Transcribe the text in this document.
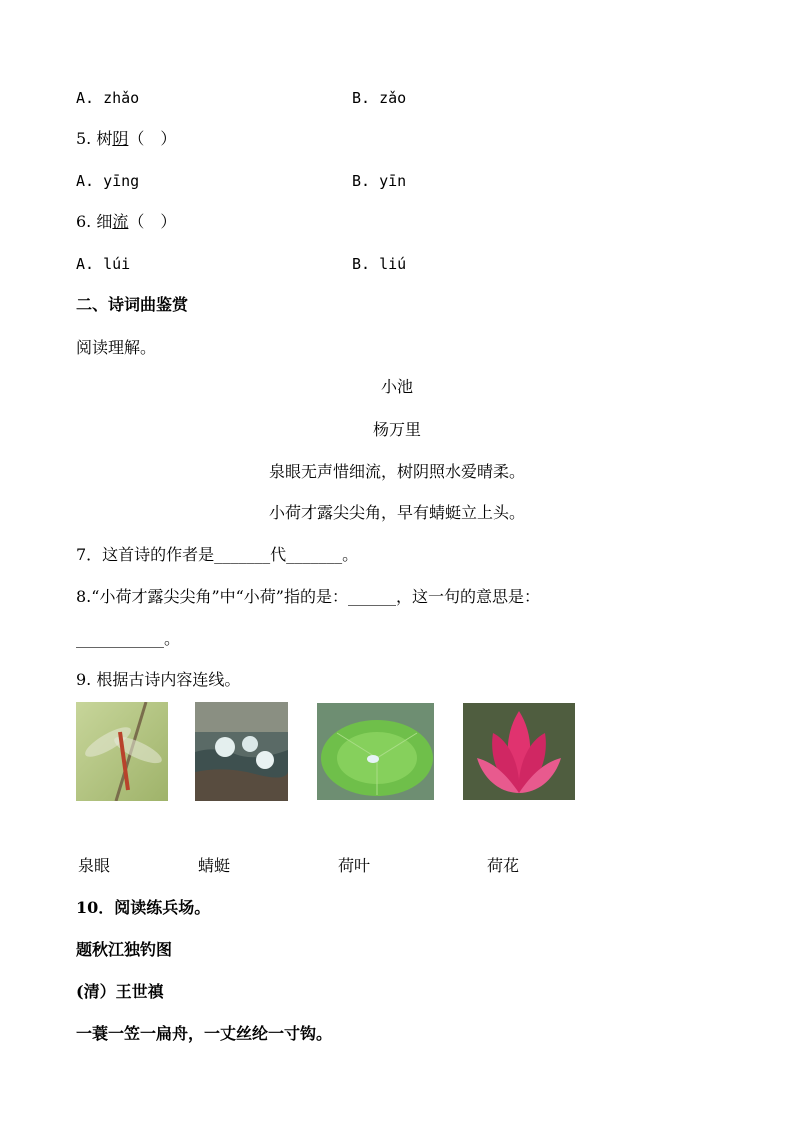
A. zhǎo	B. zǎo
5. 树阴（　）
A. yīng	B. yīn
6. 细流（　）
A. lúi	B. liú
二、诗词曲鉴赏
阅读理解。
小池
杨万里
泉眼无声惜细流，树阴照水爱晴柔。
小荷才露尖尖角，早有蜻蜓立上头。
7．这首诗的作者是_______代_______。
8.“小荷才露尖尖角”中“小荷”指的是：______，这一句的意思是：
___________。
9. 根据古诗内容连线。
泉眼	蜻蜓	荷叶	荷花
10．阅读练兵场。
题秋江独钓图
(清）王世禛
一蓑一笠一扁舟，一丈丝纶一寸钩。
